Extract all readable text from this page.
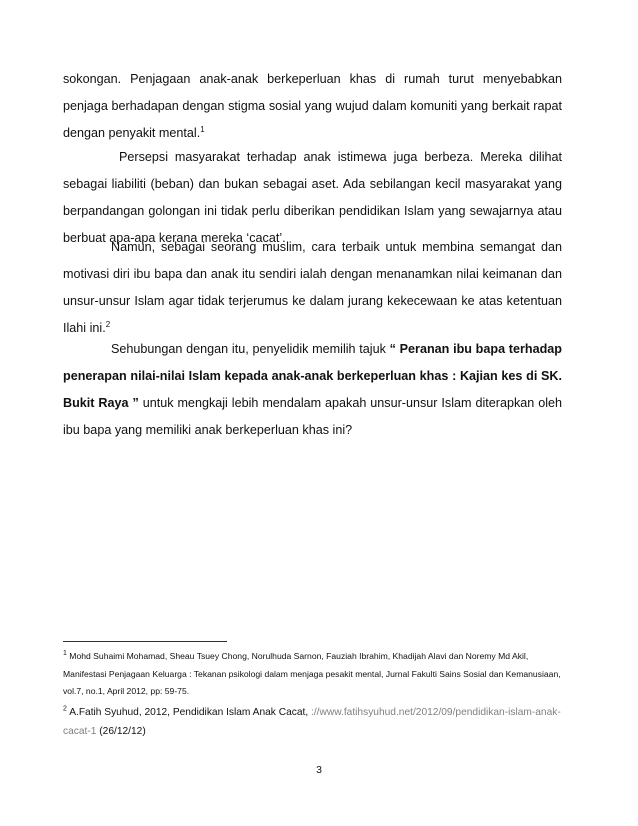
sokongan. Penjagaan anak-anak berkeperluan khas di rumah turut menyebabkan penjaga berhadapan dengan stigma sosial yang wujud dalam komuniti yang berkait rapat dengan penyakit mental.$^1$

Persepsi masyarakat terhadap anak istimewa juga berbeza. Mereka dilihat sebagai liabiliti (beban) dan bukan sebagai aset. Ada sebilangan kecil masyarakat yang berpandangan golongan ini tidak perlu diberikan pendidikan Islam yang sewajarnya atau berbuat apa-apa kerana mereka ‘cacat’.

Namun, sebagai seorang muslim, cara terbaik untuk membina semangat dan motivasi diri ibu bapa dan anak itu sendiri ialah dengan menanamkan nilai keimanan dan unsur-unsur Islam agar tidak terjerumus ke dalam jurang kekecewaan ke atas ketentuan Ilahi ini.$^2$

Sehubungan dengan itu, penyelidik memilih tajuk “ Peranan ibu bapa terhadap penerapan nilai-nilai Islam kepada anak-anak berkeperluan khas : Kajian kes di SK. Bukit Raya ” untuk mengkaji lebih mendalam apakah unsur-unsur Islam diterapkan oleh ibu bapa yang memiliki anak berkeperluan khas ini?

$^1$ Mohd Suhaimi Mohamad, Sheau Tsuey Chong, Norulhuda Sarnon, Fauziah Ibrahim, Khadijah Alavi dan Noremy Md Akil, Manifestasi Penjagaan Keluarga : Tekanan psikologi dalam menjaga pesakit mental, Jurnal Fakulti Sains Sosial dan Kemanusiaan, vol.7, no.1, April 2012, pp: 59-75.
$^2$ A.Fatih Syuhud, 2012, Pendidikan Islam Anak Cacat, ://www.fatihsyuhud.net/2012/09/pendidikan-islam-anak-cacat-1 (26/12/12)
3
